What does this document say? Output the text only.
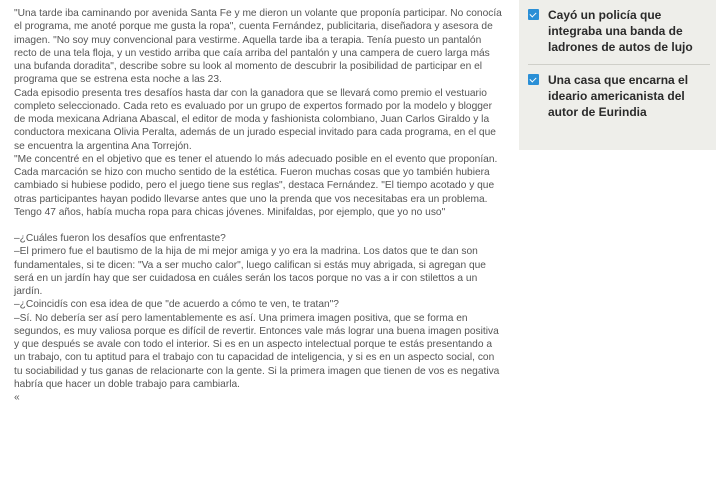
"Una tarde iba caminando por avenida Santa Fe y me dieron un volante que proponía participar. No conocía el programa, me anoté porque me gusta la ropa", cuenta Fernández, publicitaria, diseñadora y asesora de imagen. "No soy muy convencional para vestirme. Aquella tarde iba a terapia. Tenía puesto un pantalón recto de una tela floja, y un vestido arriba que caía arriba del pantalón y una campera de cuero larga más una bufanda doradita", describe sobre su look al momento de descubrir la posibilidad de participar en el programa que se estrena esta noche a las 23.

Cada episodio presenta tres desafíos hasta dar con la ganadora que se llevará como premio el vestuario completo seleccionado. Cada reto es evaluado por un grupo de expertos formado por la modelo y blogger de moda mexicana Adriana Abascal, el editor de moda y fashionista colombiano, Juan Carlos Giraldo y la conductora mexicana Olivia Peralta, además de un jurado especial invitado para cada programa, en el que se encuentra la argentina Ana Torrejón.

"Me concentré en el objetivo que es tener el atuendo lo más adecuado posible en el evento que proponían. Cada marcación se hizo con mucho sentido de la estética. Fueron muchas cosas que yo también hubiera cambiado si hubiese podido, pero el juego tiene sus reglas", destaca Fernández. "El tiempo acotado y que otras participantes hayan podido llevarse antes que uno la prenda que vos necesitabas era un problema. Tengo 47 años, había mucha ropa para chicas jóvenes. Minifaldas, por ejemplo, que yo no uso"

–¿Cuáles fueron los desafíos que enfrentaste?

–El primero fue el bautismo de la hija de mi mejor amiga y yo era la madrina. Los datos que te dan son fundamentales, si te dicen: "Va a ser mucho calor", luego califican si estás muy abrigada, si agregan que será en un jardín hay que ser cuidadosa en cuáles serán los tacos porque no vas a ir con stilettos a un jardín.

–¿Coincidís con esa idea de que "de acuerdo a cómo te ven, te tratan"?

–Sí. No debería ser así pero lamentablemente es así. Una primera imagen positiva, que se forma en segundos, es muy valiosa porque es difícil de revertir. Entonces vale más lograr una buena imagen positiva y que después se avale con todo el interior. Si es en un aspecto intelectual porque te estás presentando a un trabajo, con tu aptitud para el trabajo con tu capacidad de inteligencia, y si es en un aspecto social, con tu sociabilidad y tus ganas de relacionarte con la gente. Si la primera imagen que tienen de vos es negativa habría que hacer un doble trabajo para cambiarla.

«

Cayó un policía que integraba una banda de ladrones de autos de lujo
Una casa que encarna el ideario americanista del autor de Eurindia
